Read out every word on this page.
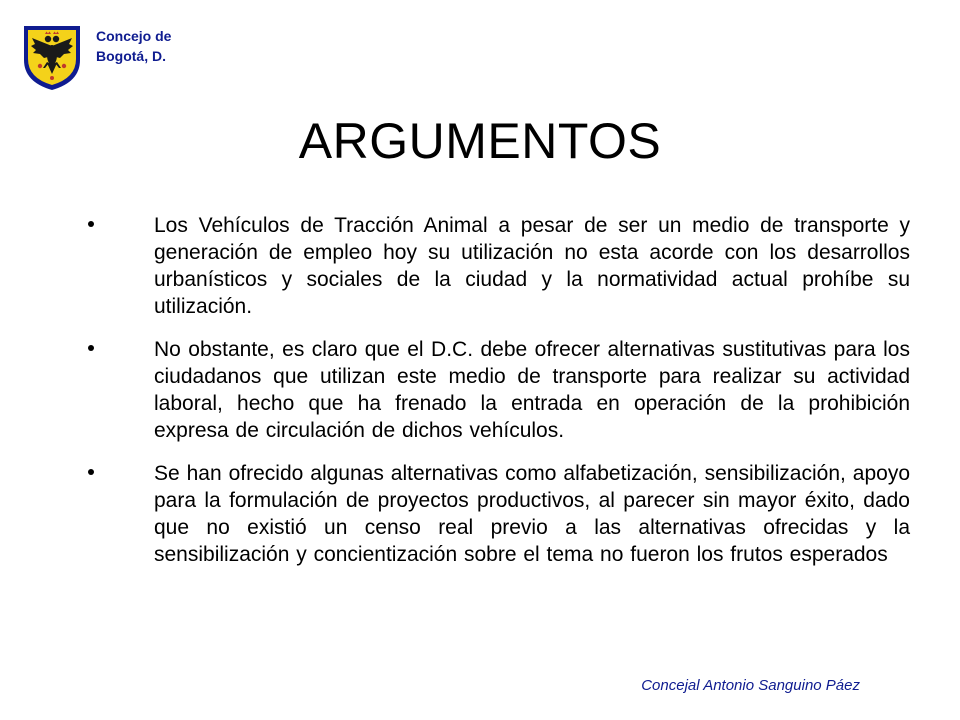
Concejo de
Bogotá, D.
ARGUMENTOS
Los Vehículos de Tracción Animal a pesar de ser un medio de transporte y generación de empleo hoy su utilización no esta acorde con los desarrollos urbanísticos y sociales de la ciudad y la normatividad actual prohíbe su utilización.
No obstante, es claro que el D.C. debe ofrecer alternativas sustitutivas para los ciudadanos que utilizan este medio de transporte para realizar su actividad laboral, hecho que ha frenado la entrada en operación de la prohibición expresa de circulación de dichos vehículos.
Se han ofrecido algunas alternativas como alfabetización, sensibilización, apoyo para la formulación de proyectos productivos, al parecer sin mayor éxito, dado que no existió un censo real previo a las alternativas ofrecidas y la sensibilización y concientización sobre el tema no fueron los frutos esperados
Concejal Antonio Sanguino Páez
